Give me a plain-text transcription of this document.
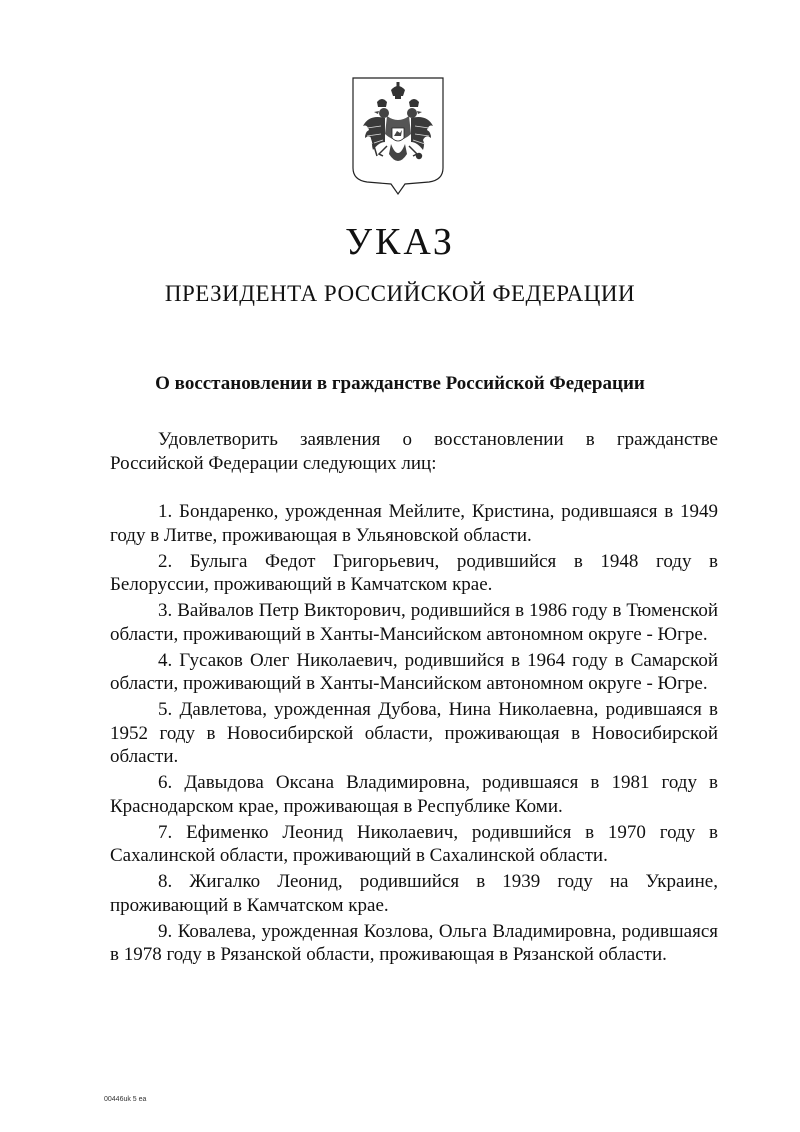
УКАЗ
ПРЕЗИДЕНТА РОССИЙСКОЙ ФЕДЕРАЦИИ
О восстановлении в гражданстве Российской Федерации

Удовлетворить заявления о восстановлении в гражданстве Российской Федерации следующих лиц:

1. Бондаренко, урожденная Мейлите, Кристина, родившаяся в 1949 году в Литве, проживающая в Ульяновской области.
2. Булыга Федот Григорьевич, родившийся в 1948 году в Белоруссии, проживающий в Камчатском крае.
3. Вайвалов Петр Викторович, родившийся в 1986 году в Тюменской области, проживающий в Ханты-Мансийском автономном округе - Югре.
4. Гусаков Олег Николаевич, родившийся в 1964 году в Самарской области, проживающий в Ханты-Мансийском автономном округе - Югре.
5. Давлетова, урожденная Дубова, Нина Николаевна, родившаяся в 1952 году в Новосибирской области, проживающая в Новосибирской области.
6. Давыдова Оксана Владимировна, родившаяся в 1981 году в Краснодарском крае, проживающая в Республике Коми.
7. Ефименко Леонид Николаевич, родившийся в 1970 году в Сахалинской области, проживающий в Сахалинской области.
8. Жигалко Леонид, родившийся в 1939 году на Украине, проживающий в Камчатском крае.
9. Ковалева, урожденная Козлова, Ольга Владимировна, родившаяся в 1978 году в Рязанской области, проживающая в Рязанской области.
00446uk 5 ea
